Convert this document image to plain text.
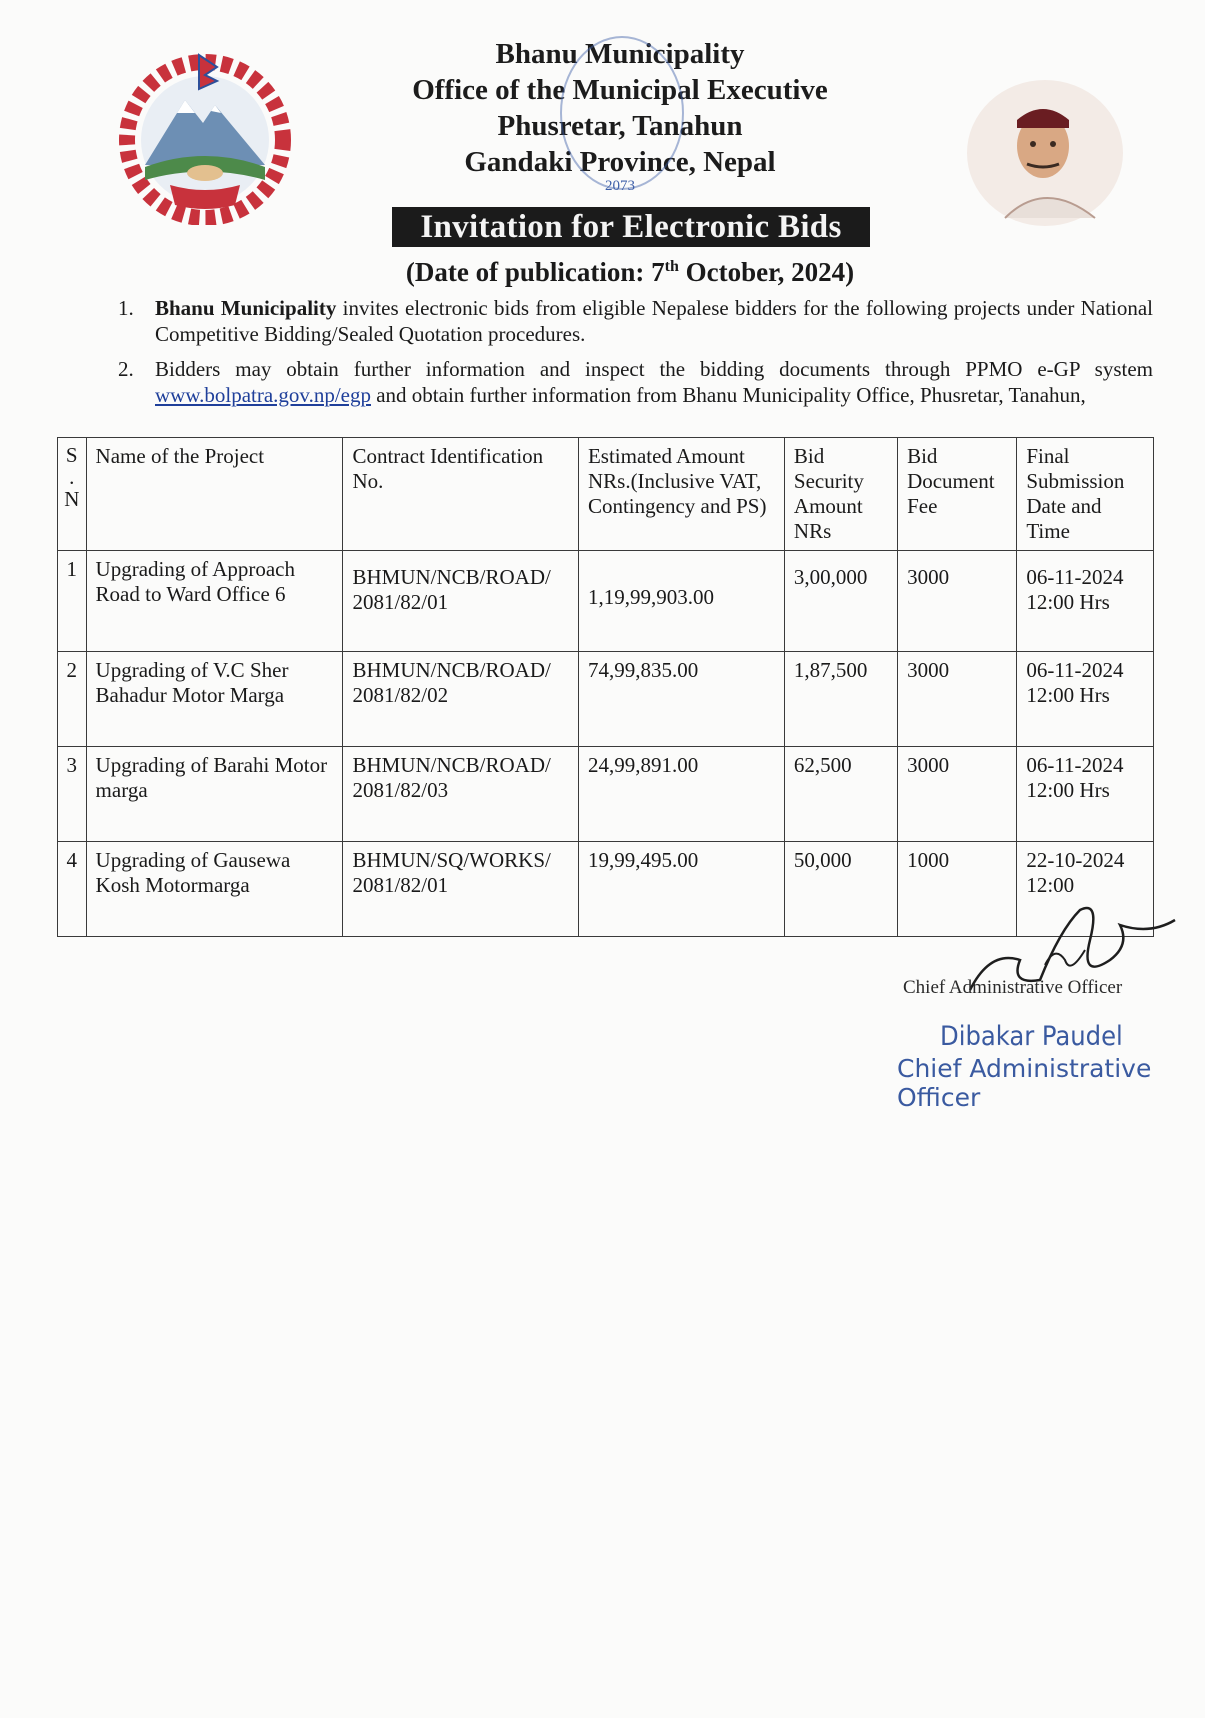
Bhanu Municipality
Office of the Municipal Executive
Phusretar, Tanahun
Gandaki Province, Nepal
2073
Invitation for Electronic Bids
(Date of publication: 7th October, 2024)
1. Bhanu Municipality invites electronic bids from eligible Nepalese bidders for the following projects under National Competitive Bidding/Sealed Quotation procedures.
2. Bidders may obtain further information and inspect the bidding documents through PPMO e-GP system www.bolpatra.gov.np/egp and obtain further information from Bhanu Municipality Office, Phusretar, Tanahun,
S
.
N	Name of the Project	Contract Identification No.	Estimated Amount NRs.(Inclusive VAT, Contingency and PS)	Bid Security Amount NRs	Bid Document Fee	Final Submission Date and Time
1	Upgrading of Approach Road to Ward Office 6	BHMUN/NCB/ROAD/ 2081/82/01	1,19,99,903.00	3,00,000	3000	06-11-2024
12:00 Hrs

2	Upgrading of V.C Sher Bahadur Motor Marga	BHMUN/NCB/ROAD/ 2081/82/02	74,99,835.00	1,87,500	3000	06-11-2024
12:00 Hrs

3	Upgrading of Barahi Motor marga	BHMUN/NCB/ROAD/ 2081/82/03	24,99,891.00	62,500	3000	06-11-2024
12:00 Hrs

4	Upgrading of Gausewa Kosh Motormarga	BHMUN/SQ/WORKS/ 2081/82/01	19,99,495.00	50,000	1000	22-10-2024
12:00
Chief Administrative Officer
Dibakar Paudel
Chief Administrative Officer
